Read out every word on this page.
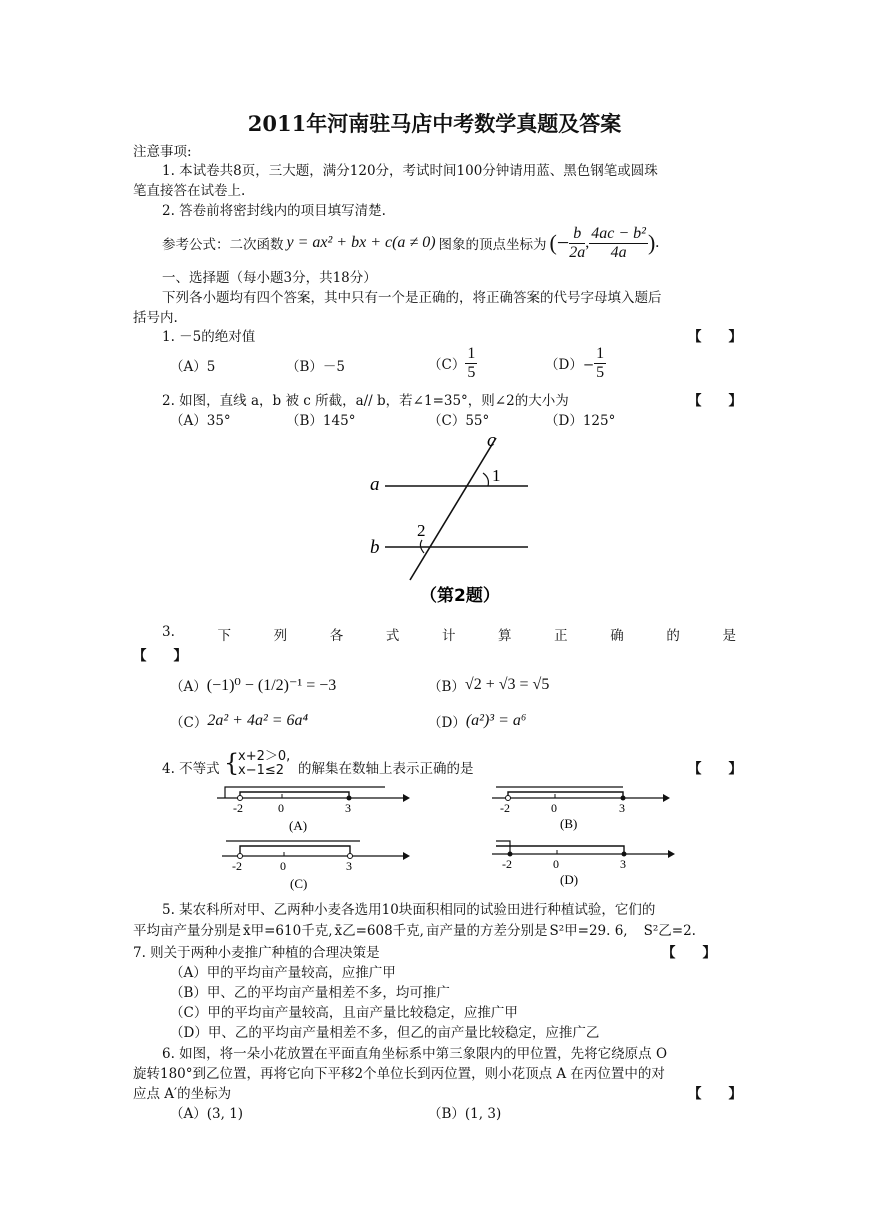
2011年河南驻马店中考数学真题及答案
注意事项:
1. 本试卷共8页，三大题，满分120分，考试时间100分钟请用蓝、黑色钢笔或圆珠
笔直接答在试卷上.
2. 答卷前将密封线内的项目填写清楚.
参考公式：二次函数 y = ax² + bx + c(a ≠ 0) 图象的顶点坐标为 (− $\frac{b}{2a}$ , $\frac{\text{4ac − b²}}{4a}$ ) .
一、选择题（每小题3分，共18分）
下列各小题均有四个答案，其中只有一个是正确的，将正确答案的代号字母填入题后
括号内.
1. －5的绝对值	【　　】
（A）5	（B）－5	$(C) \frac{1}{5}$	$(D)- \frac{1}{5}$
2. 如图，直线 a，b 被 c 所截，a// b，若∠1=35°，则∠2的大小为	【　　】
（A）35°	（B）145°	（C）55°	（D）125°
a
b
c
1
2
（第2题）
3.	下	列	各	式	计	算	正	确	的	是
【　　】
（A） (−1)⁰ − (1/2)⁻¹ = −3	（B） √2 + √3 = √5
（C） 2a² + 4a² = 6a⁴	（D） (a²)³ = a⁶
4. 不等式 {
x+2＞0,
x−1≤2 的解集在数轴上表示正确的是	【　　】
-2	0	3
(A)
-2	0	3
(B)
-2	0	3
(C)
-2	0	3
(D)
5. 某农科所对甲、乙两种小麦各选用10块面积相同的试验田进行种植试验，它们的
平均亩产量分别是 x̄甲=610千克, x̄乙=608千克, 亩产量的方差分别是 S²甲=29. 6, S²乙=2.
7. 则关于两种小麦推广种植的合理决策是	【　　】
（A）甲的平均亩产量较高，应推广甲
（B）甲、乙的平均亩产量相差不多，均可推广
（C）甲的平均亩产量较高，且亩产量比较稳定，应推广甲
（D）甲、乙的平均亩产量相差不多，但乙的亩产量比较稳定，应推广乙
6. 如图，将一朵小花放置在平面直角坐标系中第三象限内的甲位置，先将它绕原点 O
旋转180°到乙位置，再将它向下平移2个单位长到丙位置，则小花顶点 A 在丙位置中的对
应点 A′的坐标为	【　　】
（A）(3, 1)	（B）(1, 3)
